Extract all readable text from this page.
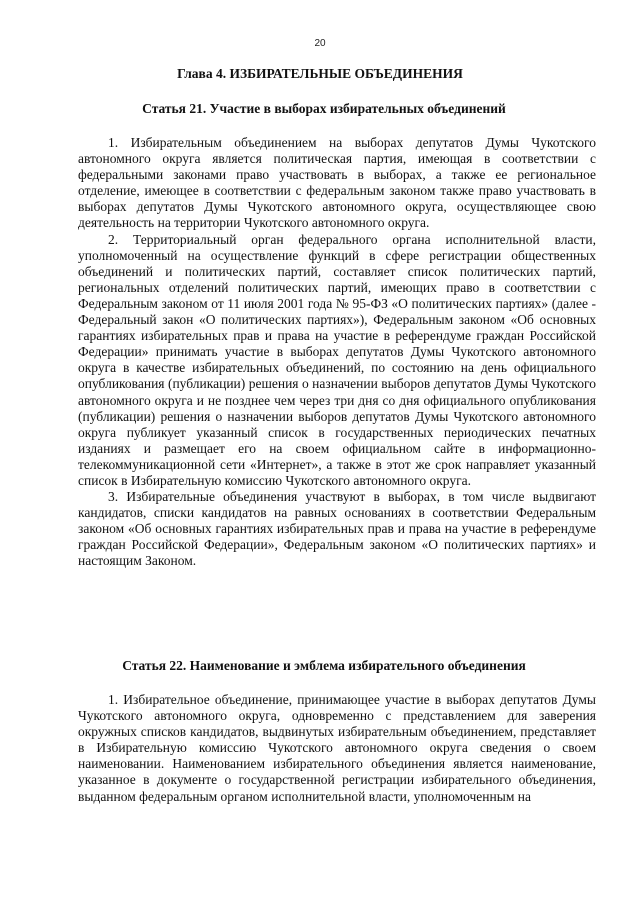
20
Глава 4. ИЗБИРАТЕЛЬНЫЕ ОБЪЕДИНЕНИЯ
Статья 21. Участие в выборах избирательных объединений

1. Избирательным объединением на выборах депутатов Думы Чукотского автономного округа является политическая партия, имеющая в соответствии с федеральными законами право участвовать в выборах, а также ее региональное отделение, имеющее в соответствии с федеральным законом также право участвовать в выборах депутатов Думы Чукотского автономного округа, осуществляющее свою деятельность на территории Чукотского автономного округа.

2. Территориальный орган федерального органа исполнительной власти, уполномоченный на осуществление функций в сфере регистрации общественных объединений и политических партий, составляет список политических партий, региональных отделений политических партий, имеющих право в соответствии с Федеральным законом от 11 июля 2001 года № 95-ФЗ «О политических партиях» (далее - Федеральный закон «О политических партиях»), Федеральным законом «Об основных гарантиях избирательных прав и права на участие в референдуме граждан Российской Федерации» принимать участие в выборах депутатов Думы Чукотского автономного округа в качестве избирательных объединений, по состоянию на день официального опубликования (публикации) решения о назначении выборов депутатов Думы Чукотского автономного округа и не позднее чем через три дня со дня официального опубликования (публикации) решения о назначении выборов депутатов Думы Чукотского автономного округа публикует указанный список в государственных периодических печатных изданиях и размещает его на своем официальном сайте в информационно-телекоммуникационной сети «Интернет», а также в этот же срок направляет указанный список в Избирательную комиссию Чукотского автономного округа.

3. Избирательные объединения участвуют в выборах, в том числе выдвигают кандидатов, списки кандидатов на равных основаниях в соответствии Федеральным законом «Об основных гарантиях избирательных прав и права на участие в референдуме граждан Российской Федерации», Федеральным законом «О политических партиях» и настоящим Законом.

Статья 22. Наименование и эмблема избирательного объединения

1. Избирательное объединение, принимающее участие в выборах депутатов Думы Чукотского автономного округа, одновременно с представлением для заверения окружных списков кандидатов, выдвинутых избирательным объединением, представляет в Избирательную комиссию Чукотского автономного округа сведения о своем наименовании. Наименованием избирательного объединения является наименование, указанное в документе о государственной регистрации избирательного объединения, выданном федеральным органом исполнительной власти, уполномоченным на
